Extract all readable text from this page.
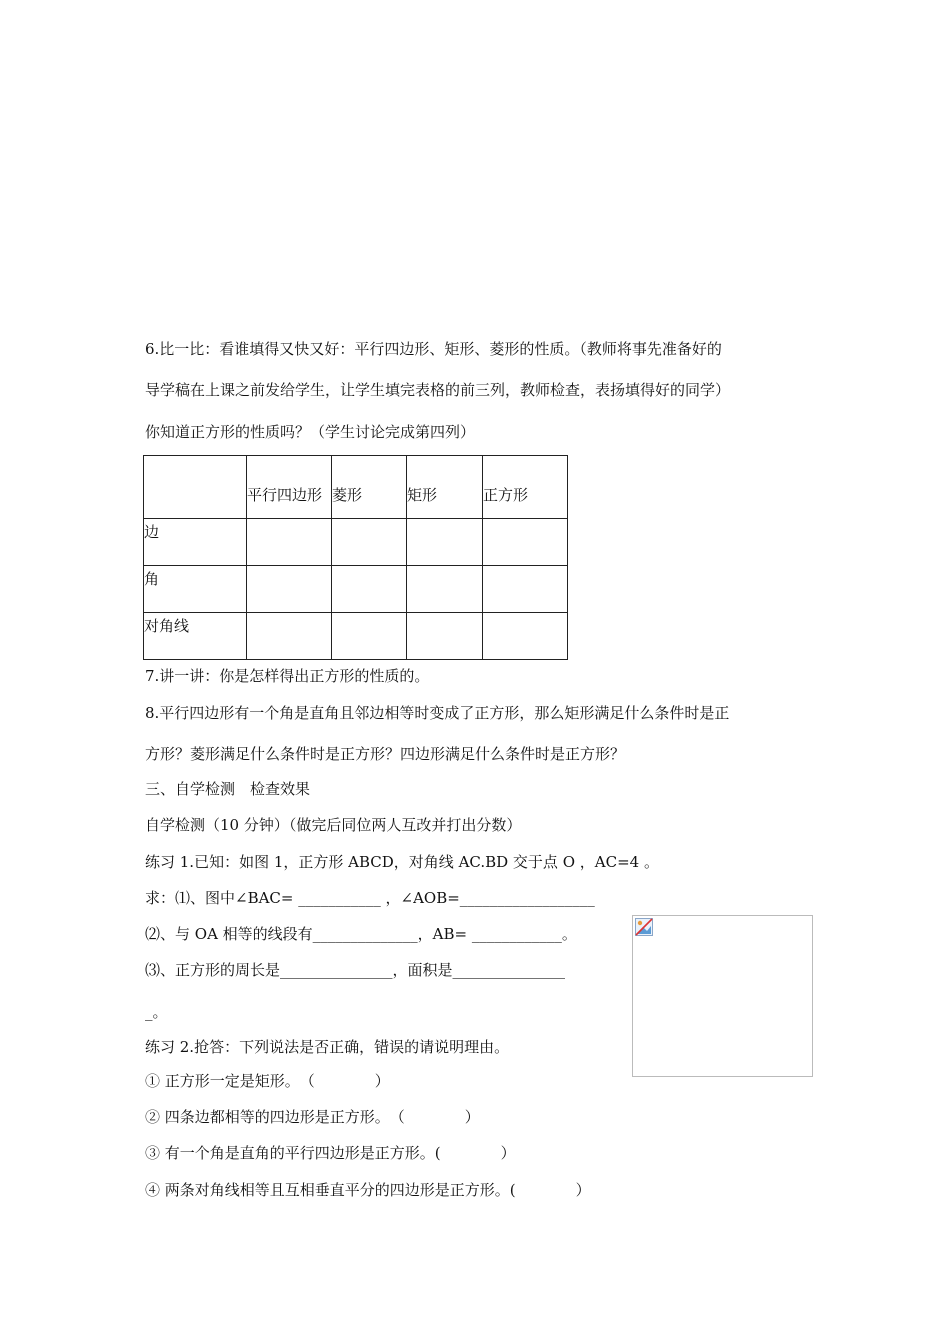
6.比一比：看谁填得又快又好：平行四边形、矩形、菱形的性质。（教师将事先准备好的
导学稿在上课之前发给学生，让学生填完表格的前三列，教师检查，表扬填得好的同学）
你知道正方形的性质吗？（学生讨论完成第四列）

	平行四边形	菱形	矩形	正方形

边				

角				

对角线				

7.讲一讲：你是怎样得出正方形的性质的。
8.平行四边形有一个角是直角且邻边相等时变成了正方形，那么矩形满足什么条件时是正
方形？菱形满足什么条件时是正方形？四边形满足什么条件时是正方形？
三、自学检测　检查效果
自学检测（10 分钟）（做完后同位两人互改并打出分数）
练习 1.已知：如图 1，正方形 ABCD，对角线 AC.BD 交于点 O ，AC=4 。
求：⑴、图中∠BAC= ___________ ，∠AOB=__________________
⑵、与 OA 相等的线段有______________，AB= ____________。
⑶、正方形的周长是_______________，面积是_______________
_。
练习 2.抢答：下列说法是否正确，错误的请说明理由。
① 正方形一定是矩形。　（　　　　）
② 四条边都相等的四边形是正方形。　（　　　　）
③ 有一个角是直角的平行四边形是正方形。(　　　　）
④ 两条对角线相等且互相垂直平分的四边形是正方形。(　　　　）
